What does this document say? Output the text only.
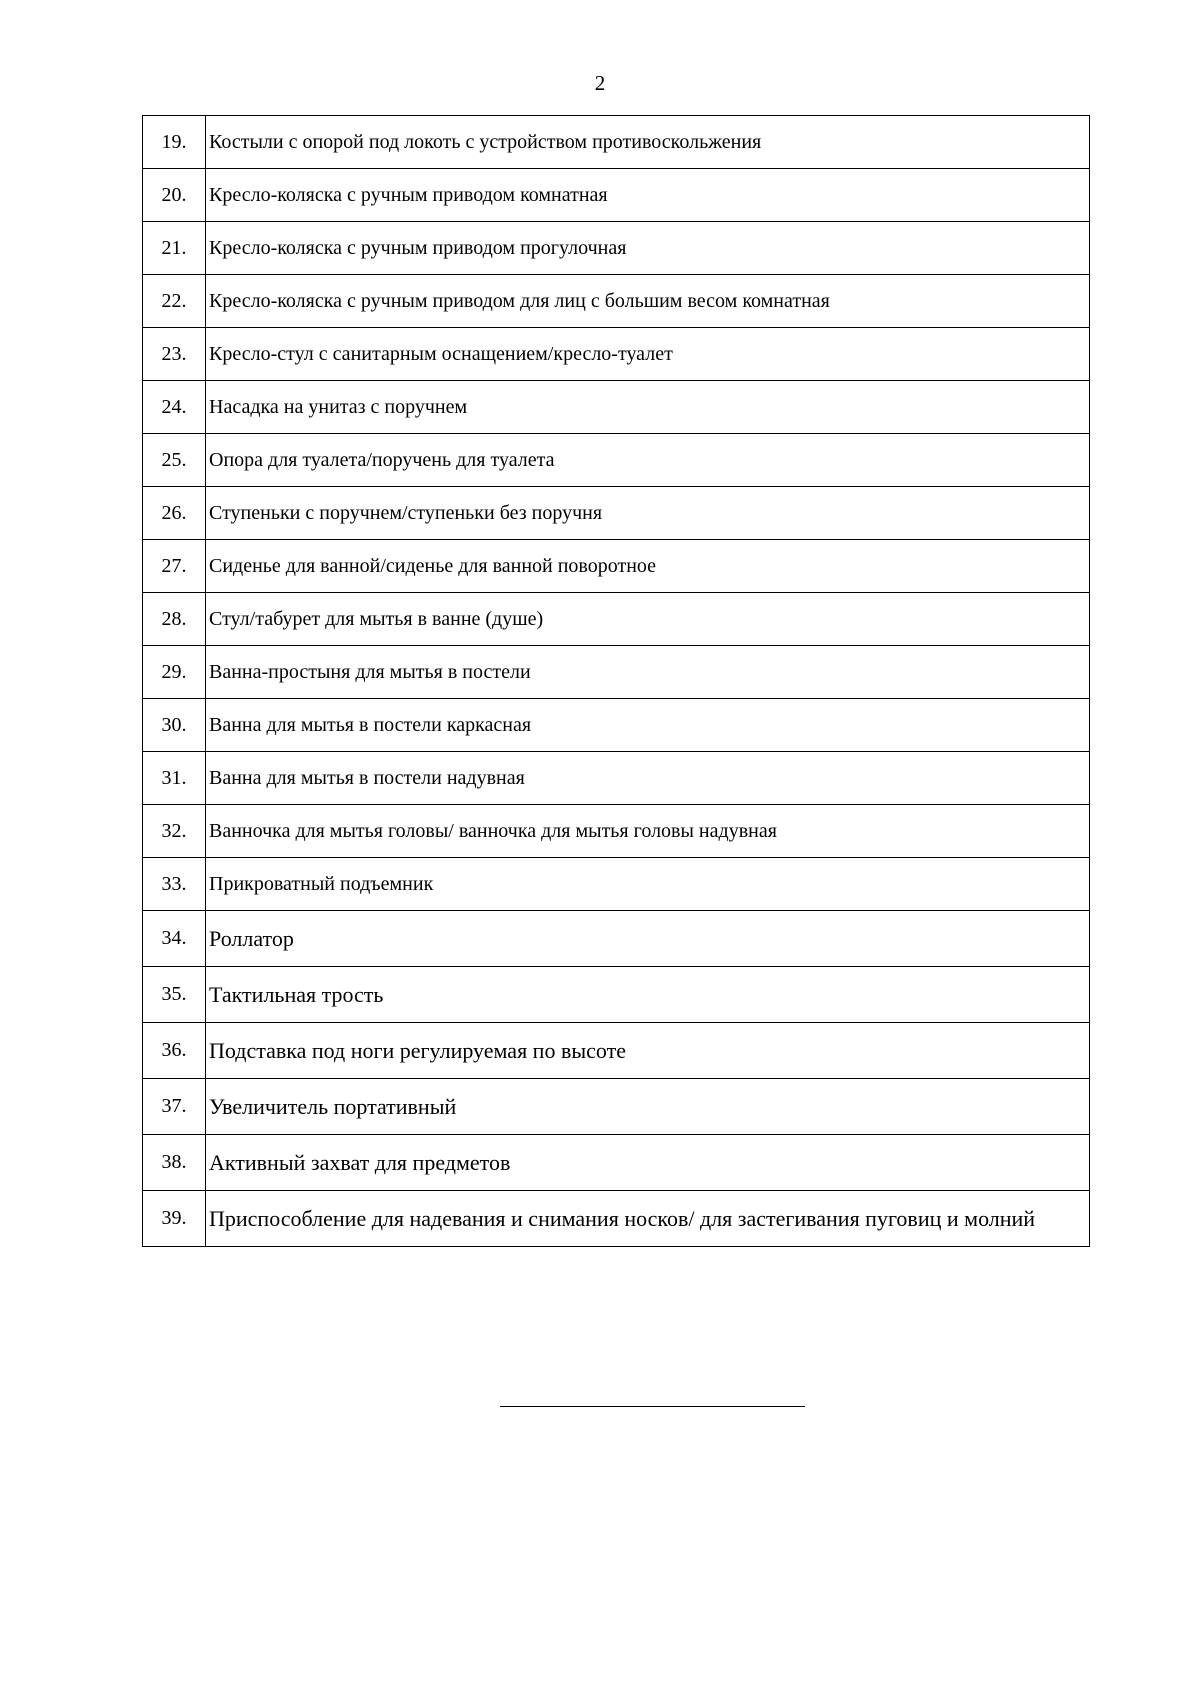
2
19.	Костыли с опорой под локоть с устройством противоскольжения
20.	Кресло-коляска с ручным приводом комнатная
21.	Кресло-коляска с ручным приводом прогулочная
22.	Кресло-коляска с ручным приводом для лиц с большим весом комнатная
23.	Кресло-стул с санитарным оснащением/кресло-туалет
24.	Насадка на унитаз с поручнем
25.	Опора для туалета/поручень для туалета
26.	Ступеньки с поручнем/ступеньки без поручня
27.	Сиденье для ванной/сиденье для ванной поворотное
28.	Стул/табурет для мытья в ванне (душе)
29.	Ванна-простыня для мытья в постели
30.	Ванна для мытья в постели каркасная
31.	Ванна для мытья в постели надувная
32.	Ванночка для мытья головы/ ванночка для мытья головы надувная
33.	Прикроватный подъемник
34.	Роллатор
35.	Тактильная трость
36.	Подставка под ноги регулируемая по высоте
37.	Увеличитель портативный
38.	Активный захват для предметов
39.	Приспособление для надевания и снимания носков/ для застегивания пуговиц и молний
